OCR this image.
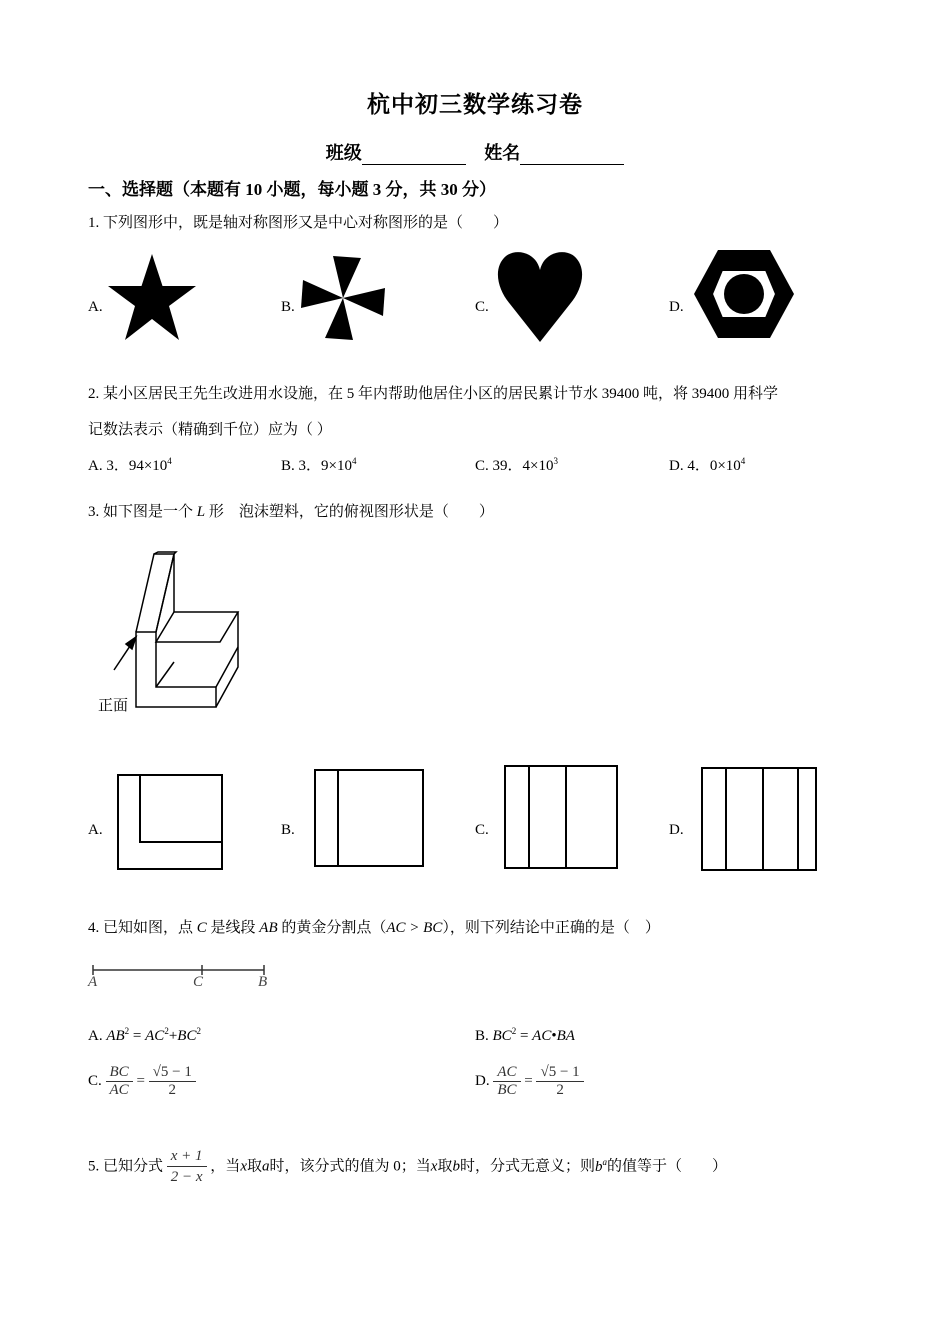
杭中初三数学练习卷
班级	姓名
一、选择题（本题有 10 小题，每小题 3 分，共 30 分）
1. 下列图形中，既是轴对称图形又是中心对称图形的是（　　）
A.	B.	C.	D.
2. 某小区居民王先生改进用水设施，在 5 年内帮助他居住小区的居民累计节水 39400 吨，将 39400 用科学
记数法表示（精确到千位）应为（ ）
A. 3．$94\times 10^4$	B. 3．$9\times 10^4$	C. 39．$4\times 10^3$	D. 4．$0\times 10^4$
3. 如下图是一个 L 形　泡沫塑料，它的俯视图形状是（　　）
正面
A.	B.	C.	D.
4. 已知如图，点 C 是线段 AB 的黄金分割点（AC > BC），则下列结论中正确的是（　）
A	C	B
A. $AB^2 = AC^2+BC^2$	B. $BC^2$ = AC•BA
C. $\frac{BC}{AC} = \frac{√5 - 1}{2}$	D. $\frac{AC}{BC} = \frac{√5 - 1}{2}$
5. 已知分式 $\frac{x + 1}{2 - x}$ ，当x取a时，该分式的值为 0；当x取b时，分式无意义；则$b^a$的值等于（　　）
